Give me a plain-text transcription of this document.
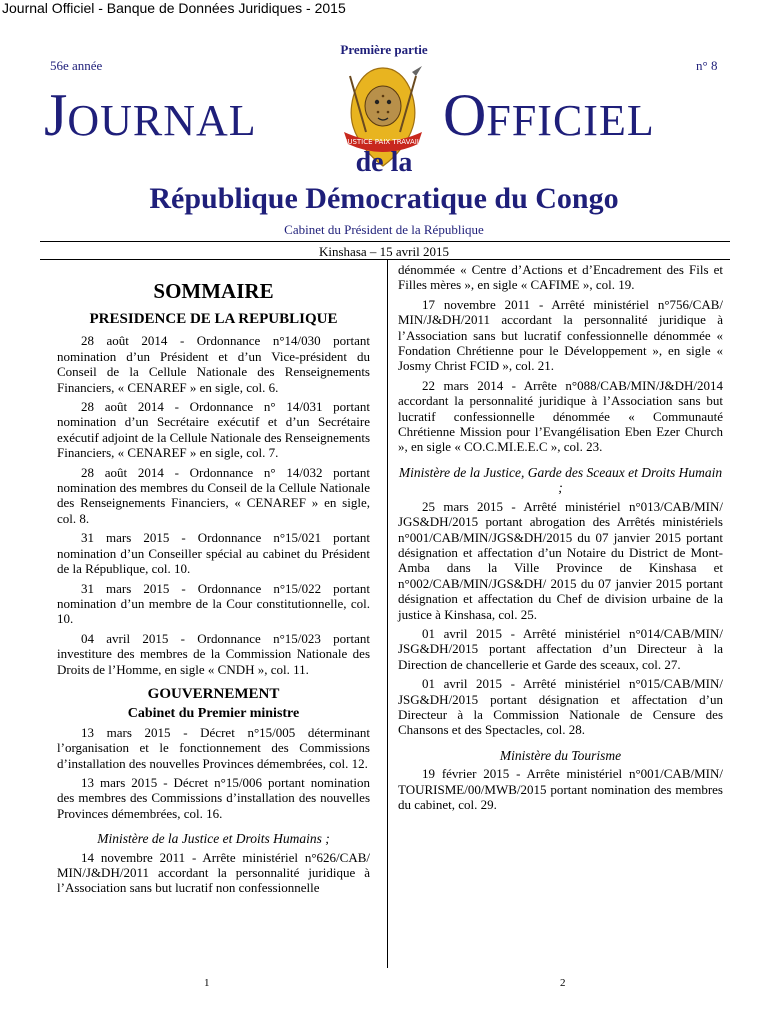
Journal Officiel - Banque de Données Juridiques - 2015
Première partie
56e année	n° 8
JOURNAL	OFFICIEL
JUSTICE PAIX TRAVAIL
de la
République Démocratique du Congo
Cabinet du Président de la République
Kinshasa – 15 avril 2015
SOMMAIRE
PRESIDENCE DE LA REPUBLIQUE

28 août 2014 - Ordonnance n°14/030 portant nomination d’un Président et d’un Vice-président du Conseil de la Cellule Nationale des Renseignements Financiers, « CENAREF » en sigle, col. 6.

28 août 2014 - Ordonnance n° 14/031 portant nomination d’un Secrétaire exécutif et d’un Secrétaire exécutif adjoint de la Cellule Nationale des Renseignements Financiers, « CENAREF » en sigle, col. 7.

28 août 2014 - Ordonnance n° 14/032 portant nomination des membres du Conseil de la Cellule Nationale des Renseignements Financiers, « CENAREF » en sigle, col. 8.

31 mars 2015 - Ordonnance n°15/021 portant nomination d’un Conseiller spécial au cabinet du Président de la République, col. 10.

31 mars 2015 - Ordonnance n°15/022 portant nomination d’un membre de la Cour constitutionnelle, col. 10.

04 avril 2015 - Ordonnance n°15/023 portant investiture des membres de la Commission Nationale des Droits de l’Homme, en sigle « CNDH », col. 11.

GOUVERNEMENT
Cabinet du Premier ministre

13 mars 2015 - Décret n°15/005 déterminant l’organisation et le fonctionnement des Commissions d’installation des nouvelles Provinces démembrées, col. 12.

13 mars 2015 - Décret n°15/006 portant nomination des membres des Commissions d’installation des nouvelles Provinces démembrées, col. 16.

Ministère de la Justice et Droits Humains ;

14 novembre 2011 - Arrête ministériel n°626/CAB/ MIN/J&DH/2011 accordant la personnalité juridique à l’Association sans but lucratif non confessionnelle

dénommée « Centre d’Actions et d’Encadrement des Fils et Filles mères », en sigle « CAFIME », col. 19.

17 novembre 2011 - Arrêté ministériel n°756/CAB/ MIN/J&DH/2011 accordant la personnalité juridique à l’Association sans but lucratif confessionnelle dénommée « Fondation Chrétienne pour le Développement », en sigle « Josmy Christ FCID », col. 21.

22 mars 2014 - Arrête n°088/CAB/MIN/J&DH/2014 accordant la personnalité juridique à l’Association sans but lucratif confessionnelle dénommée « Communauté Chrétienne Mission pour l’Evangélisation Eben Ezer Church », en sigle « CO.C.MI.E.E.C », col. 23.

Ministère de la Justice, Garde des Sceaux et Droits Humain ;

25 mars 2015 - Arrêté ministériel n°013/CAB/MIN/ JGS&DH/2015 portant abrogation des Arrêtés ministériels n°001/CAB/MIN/JGS&DH/2015 du 07 janvier 2015 portant désignation et affectation d’un Notaire du District de Mont-Amba dans la Ville Province de Kinshasa et n°002/CAB/MIN/JGS&DH/ 2015 du 07 janvier 2015 portant désignation et affectation du Chef de division urbaine de la justice à Kinshasa, col. 25.

01 avril 2015 - Arrêté ministériel n°014/CAB/MIN/ JSG&DH/2015 portant affectation d’un Directeur à la Direction de chancellerie et Garde des sceaux, col. 27.

01 avril 2015 - Arrêté ministériel n°015/CAB/MIN/ JSG&DH/2015 portant désignation et affectation d’un Directeur à la Commission Nationale de Censure des Chansons et des Spectacles, col. 28.

Ministère du Tourisme

19 février 2015 - Arrête ministériel n°001/CAB/MIN/ TOURISME/00/MWB/2015 portant nomination des membres du cabinet, col. 29.

1	2
